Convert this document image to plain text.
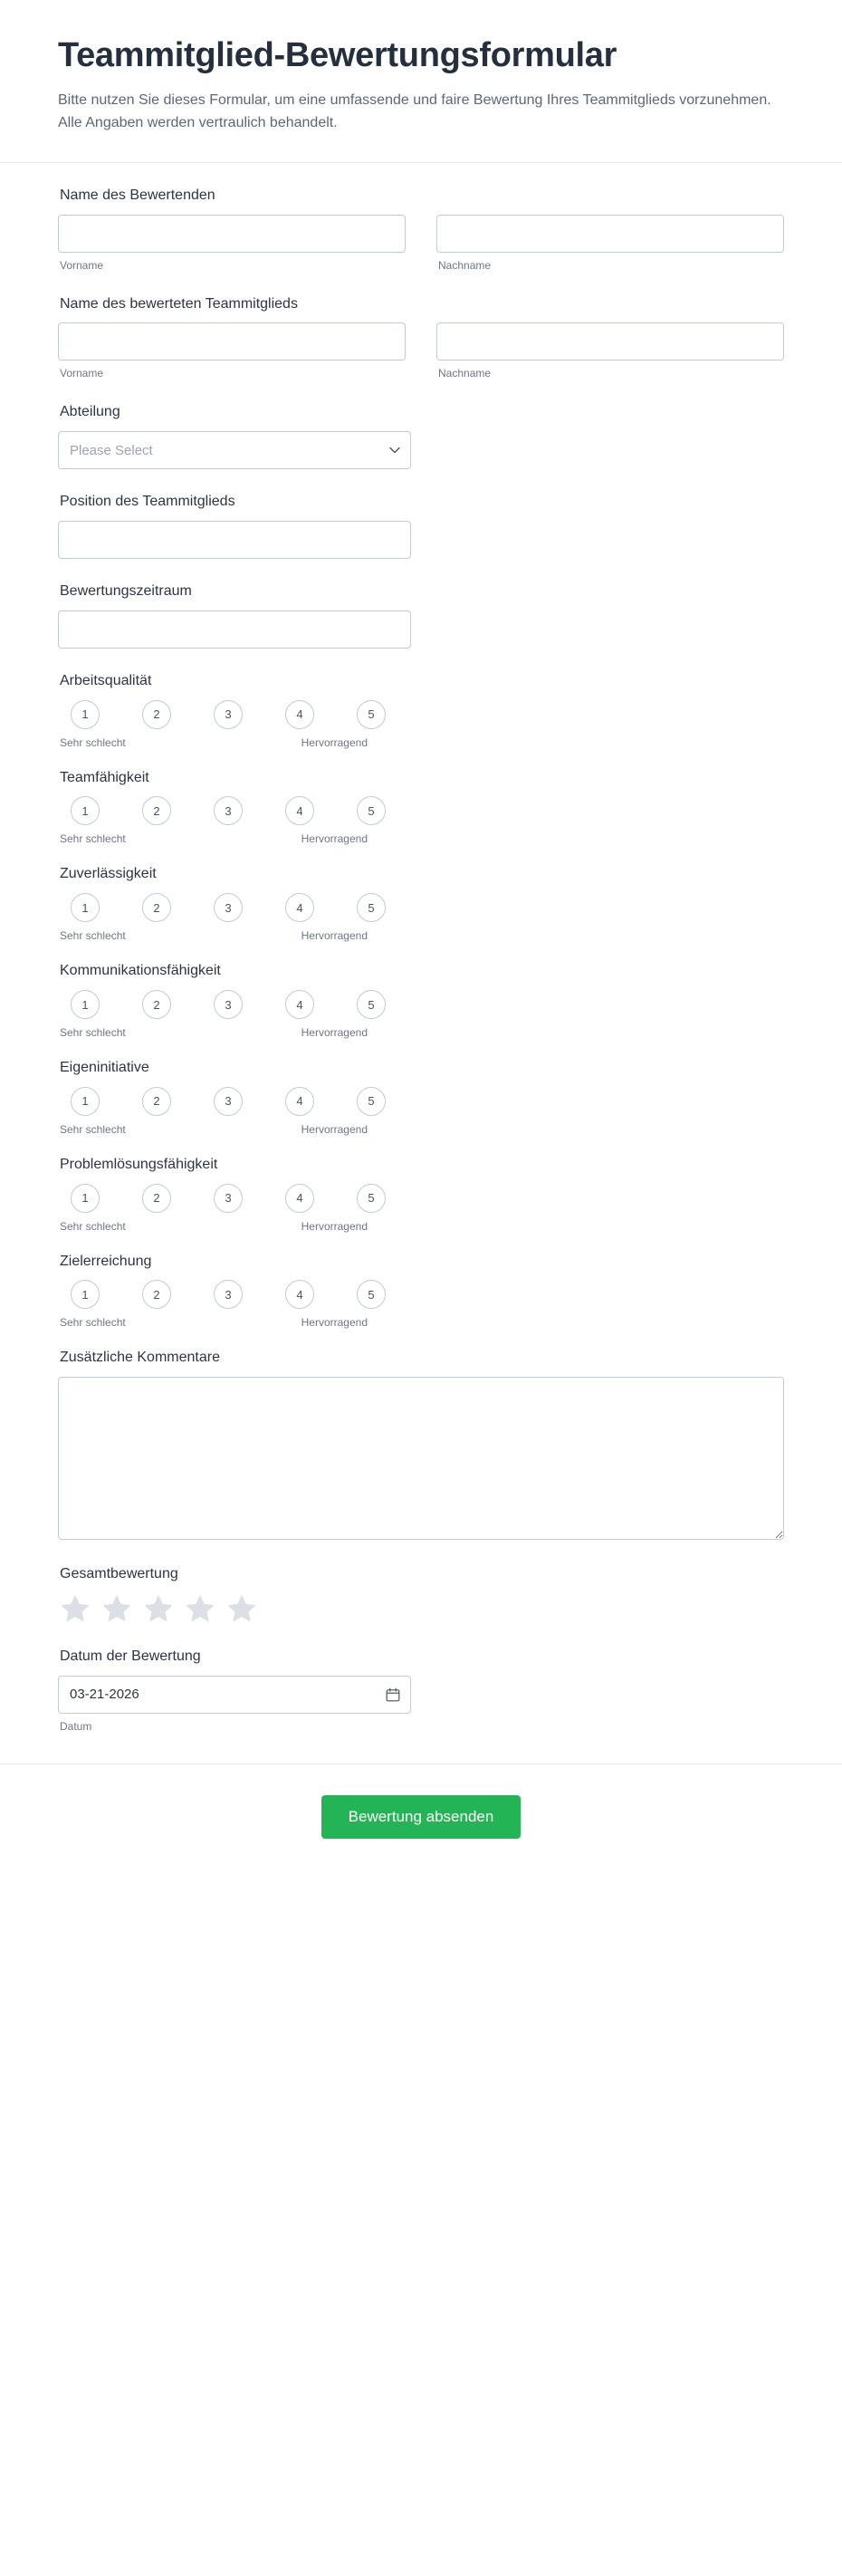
Teammitglied-Bewertungsformular

Bitte nutzen Sie dieses Formular, um eine umfassende und faire Bewertung Ihres Teammitglieds vorzunehmen. Alle Angaben werden vertraulich behandelt.

Name des Bewertenden
Vorname	Nachname
Name des bewerteten Teammitglieds
Vorname	Nachname
Abteilung
Please Select
Position des Teammitglieds
Bewertungszeitraum
Arbeitsqualität
1	2	3	4	5
Sehr schlecht	Hervorragend
Teamfähigkeit
1	2	3	4	5
Sehr schlecht	Hervorragend
Zuverlässigkeit
1	2	3	4	5
Sehr schlecht	Hervorragend
Kommunikationsfähigkeit
1	2	3	4	5
Sehr schlecht	Hervorragend
Eigeninitiative
1	2	3	4	5
Sehr schlecht	Hervorragend
Problemlösungsfähigkeit
1	2	3	4	5
Sehr schlecht	Hervorragend
Zielerreichung
1	2	3	4	5
Sehr schlecht	Hervorragend
Zusätzliche Kommentare
Gesamtbewertung
Datum der Bewertung
03-21-2026
Datum
Bewertung absenden
